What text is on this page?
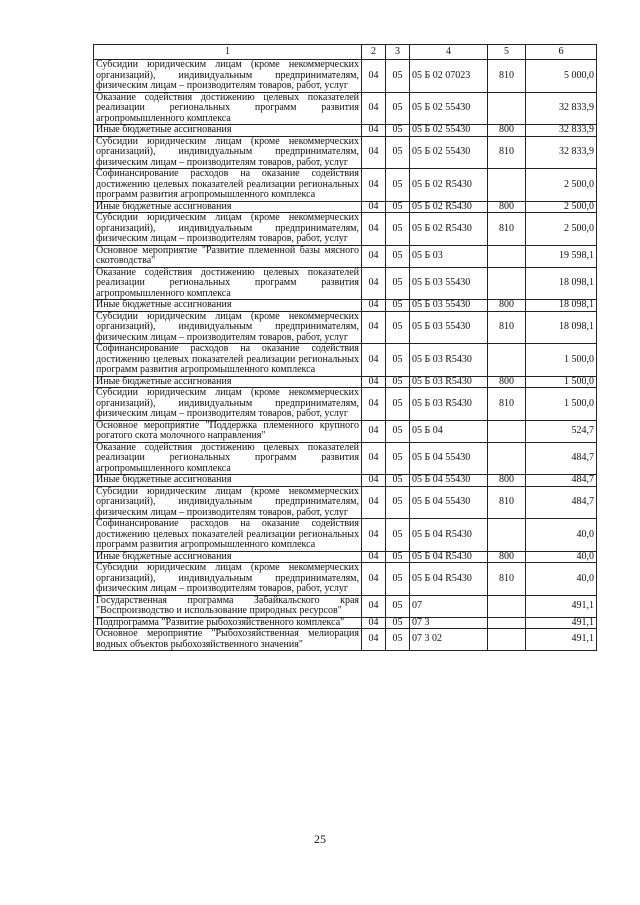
1	2	3	4	5	6
Субсидии юридическим лицам (кроме некоммерческих организаций), индивидуальным предпринимателям, физическим лицам – производителям товаров, работ, услуг	04	05	05 Б 02 07023	810	5 000,0
Оказание содействия достижению целевых показателей реализации региональных программ развития агропромышленного комплекса	04	05	05 Б 02 55430		32 833,9
Иные бюджетные ассигнования	04	05	05 Б 02 55430	800	32 833,9
Субсидии юридическим лицам (кроме некоммерческих организаций), индивидуальным предпринимателям, физическим лицам – производителям товаров, работ, услуг	04	05	05 Б 02 55430	810	32 833,9
Софинансирование расходов на оказание содействия достижению целевых показателей реализации региональных программ развития агропромышленного комплекса	04	05	05 Б 02 R5430		2 500,0
Иные бюджетные ассигнования	04	05	05 Б 02 R5430	800	2 500,0
Субсидии юридическим лицам (кроме некоммерческих организаций), индивидуальным предпринимателям, физическим лицам – производителям товаров, работ, услуг	04	05	05 Б 02 R5430	810	2 500,0
Основное мероприятие "Развитие племенной базы мясного скотоводства"	04	05	05 Б 03		19 598,1
Оказание содействия достижению целевых показателей реализации региональных программ развития агропромышленного комплекса	04	05	05 Б 03 55430		18 098,1
Иные бюджетные ассигнования	04	05	05 Б 03 55430	800	18 098,1
Субсидии юридическим лицам (кроме некоммерческих организаций), индивидуальным предпринимателям, физическим лицам – производителям товаров, работ, услуг	04	05	05 Б 03 55430	810	18 098,1
Софинансирование расходов на оказание содействия достижению целевых показателей реализации региональных программ развития агропромышленного комплекса	04	05	05 Б 03 R5430		1 500,0
Иные бюджетные ассигнования	04	05	05 Б 03 R5430	800	1 500,0
Субсидии юридическим лицам (кроме некоммерческих организаций), индивидуальным предпринимателям, физическим лицам – производителям товаров, работ, услуг	04	05	05 Б 03 R5430	810	1 500,0
Основное мероприятие "Поддержка племенного крупного рогатого скота молочного направления"	04	05	05 Б 04		524,7
Оказание содействия достижению целевых показателей реализации региональных программ развития агропромышленного комплекса	04	05	05 Б 04 55430		484,7
Иные бюджетные ассигнования	04	05	05 Б 04 55430	800	484,7
Субсидии юридическим лицам (кроме некоммерческих организаций), индивидуальным предпринимателям, физическим лицам – производителям товаров, работ, услуг	04	05	05 Б 04 55430	810	484,7
Софинансирование расходов на оказание содействия достижению целевых показателей реализации региональных программ развития агропромышленного комплекса	04	05	05 Б 04 R5430		40,0
Иные бюджетные ассигнования	04	05	05 Б 04 R5430	800	40,0
Субсидии юридическим лицам (кроме некоммерческих организаций), индивидуальным предпринимателям, физическим лицам – производителям товаров, работ, услуг	04	05	05 Б 04 R5430	810	40,0
Государственная программа Забайкальского края "Воспроизводство и использование природных ресурсов"	04	05	07		491,1
Подпрограмма "Развитие рыбохозяйственного комплекса"	04	05	07 3		491,1
Основное мероприятие "Рыбохозяйственная мелиорация водных объектов рыбохозяйственного значения"	04	05	07 3 02		491,1
25
